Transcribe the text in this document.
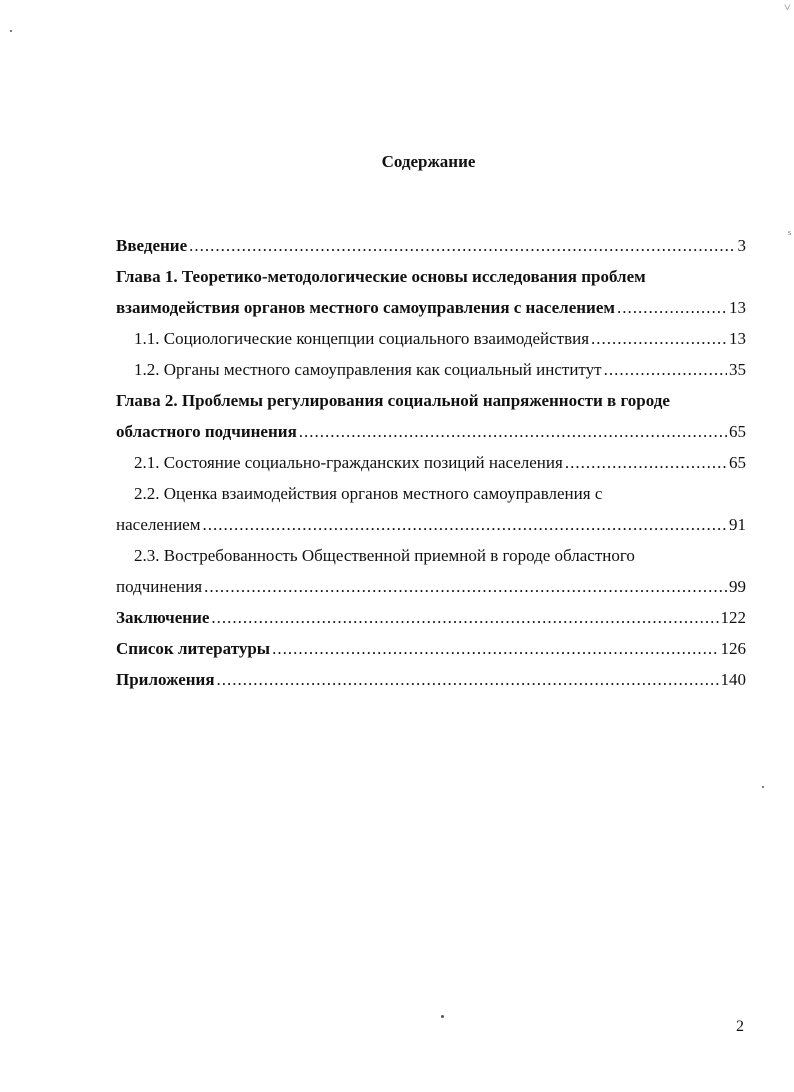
Содержание
Введение .....	3
Глава 1. Теоретико-методологические основы исследования проблем
взаимодействия органов местного самоуправления с населением .....	13
1.1. Социологические концепции социального взаимодействия .....	13
1.2. Органы местного самоуправления как социальный институт .....	35
Глава 2. Проблемы регулирования социальной напряженности в городе
областного подчинения .....	65
2.1. Состояние социально-гражданских позиций населения .....	65
2.2. Оценка взаимодействия органов местного самоуправления с
населением .....	91
2.3. Востребованность Общественной приемной в городе областного
подчинения .....	99
Заключение .....	122
Список литературы .....	126
Приложения .....	140
2
˅
ˢ
